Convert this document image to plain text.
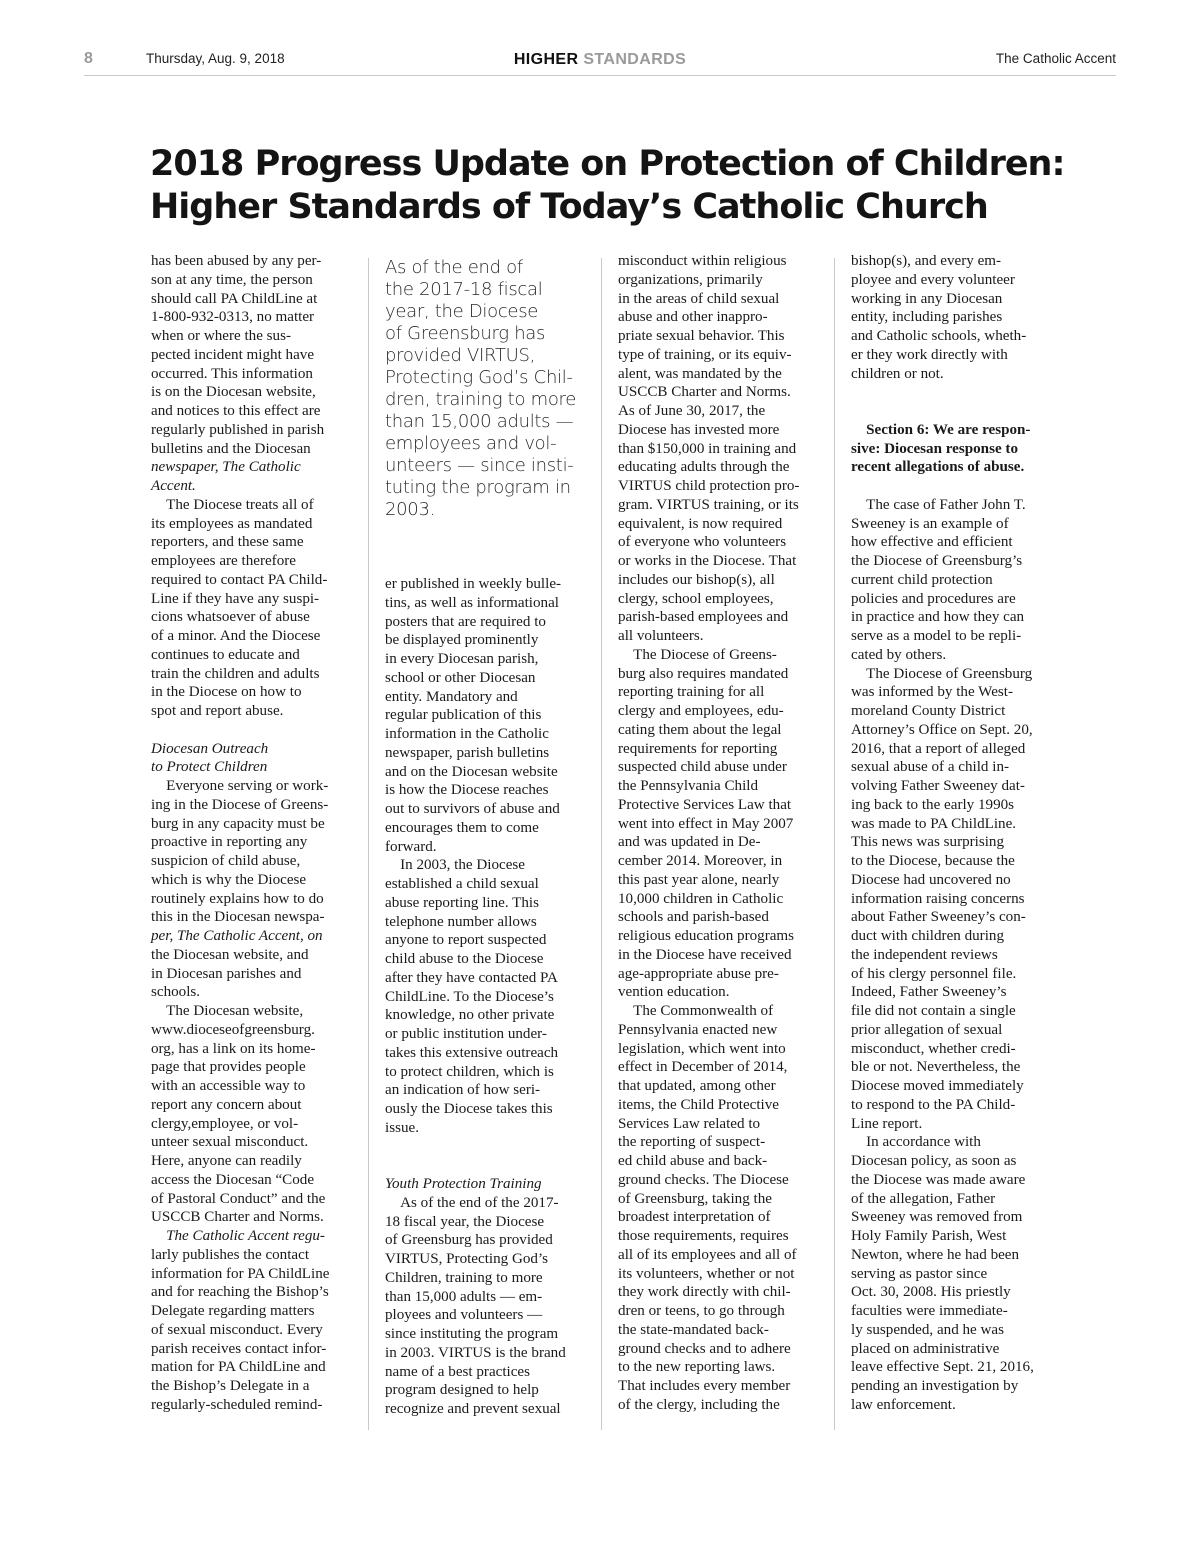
8	Thursday, Aug. 9, 2018	HIGHER STANDARDS	The Catholic Accent
2018 Progress Update on Protection of Children:
Higher Standards of Today’s Catholic Church
has been abused by any per-
son at any time, the person
should call PA ChildLine at
1-800-932-0313, no matter
when or where the sus-
pected incident might have
occurred. This information
is on the Diocesan website,
and notices to this effect are
regularly published in parish
bulletins and the Diocesan
newspaper, The Catholic
Accent.
 The Diocese treats all of
its employees as mandated
reporters, and these same
employees are therefore
required to contact PA Child-
Line if they have any suspi-
cions whatsoever of abuse
of a minor. And the Diocese
continues to educate and
train the children and adults
in the Diocese on how to
spot and report abuse.
Diocesan Outreach
to Protect Children
 Everyone serving or work-
ing in the Diocese of Greens-
burg in any capacity must be
proactive in reporting any
suspicion of child abuse,
which is why the Diocese
routinely explains how to do
this in the Diocesan newspa-
per, The Catholic Accent, on
the Diocesan website, and
in Diocesan parishes and
schools.
 The Diocesan website,
www.dioceseofgreensburg.
org, has a link on its home-
page that provides people
with an accessible way to
report any concern about
clergy,employee, or vol-
unteer sexual misconduct.
Here, anyone can readily
access the Diocesan “Code
of Pastoral Conduct” and the
USCCB Charter and Norms.
 The Catholic Accent regu-
larly publishes the contact
information for PA ChildLine
and for reaching the Bishop’s
Delegate regarding matters
of sexual misconduct. Every
parish receives contact infor-
mation for PA ChildLine and
the Bishop’s Delegate in a
regularly-scheduled remind-
As of the end of
the 2017-18 fiscal
year, the Diocese
of Greensburg has
provided VIRTUS,
Protecting God’s Chil-
dren, training to more
than 15,000 adults —
employees and vol-
unteers — since insti-
tuting the program in
2003.
er published in weekly bulle-
tins, as well as informational
posters that are required to
be displayed prominently
in every Diocesan parish,
school or other Diocesan
entity. Mandatory and
regular publication of this
information in the Catholic
newspaper, parish bulletins
and on the Diocesan website
is how the Diocese reaches
out to survivors of abuse and
encourages them to come
forward.
 In 2003, the Diocese
established a child sexual
abuse reporting line. This
telephone number allows
anyone to report suspected
child abuse to the Diocese
after they have contacted PA
ChildLine. To the Diocese’s
knowledge, no other private
or public institution under-
takes this extensive outreach
to protect children, which is
an indication of how seri-
ously the Diocese takes this
issue.
Youth Protection Training
 As of the end of the 2017-
18 fiscal year, the Diocese
of Greensburg has provided
VIRTUS, Protecting God’s
Children, training to more
than 15,000 adults — em-
ployees and volunteers —
since instituting the program
in 2003. VIRTUS is the brand
name of a best practices
program designed to help
recognize and prevent sexual
misconduct within religious
organizations, primarily
in the areas of child sexual
abuse and other inappro-
priate sexual behavior. This
type of training, or its equiv-
alent, was mandated by the
USCCB Charter and Norms.
As of June 30, 2017, the
Diocese has invested more
than $150,000 in training and
educating adults through the
VIRTUS child protection pro-
gram. VIRTUS training, or its
equivalent, is now required
of everyone who volunteers
or works in the Diocese. That
includes our bishop(s), all
clergy, school employees,
parish-based employees and
all volunteers.
 The Diocese of Greens-
burg also requires mandated
reporting training for all
clergy and employees, edu-
cating them about the legal
requirements for reporting
suspected child abuse under
the Pennsylvania Child
Protective Services Law that
went into effect in May 2007
and was updated in De-
cember 2014. Moreover, in
this past year alone, nearly
10,000 children in Catholic
schools and parish-based
religious education programs
in the Diocese have received
age-appropriate abuse pre-
vention education.
 The Commonwealth of
Pennsylvania enacted new
legislation, which went into
effect in December of 2014,
that updated, among other
items, the Child Protective
Services Law related to
the reporting of suspect-
ed child abuse and back-
ground checks. The Diocese
of Greensburg, taking the
broadest interpretation of
those requirements, requires
all of its employees and all of
its volunteers, whether or not
they work directly with chil-
dren or teens, to go through
the state-mandated back-
ground checks and to adhere
to the new reporting laws.
That includes every member
of the clergy, including the
bishop(s), and every em-
ployee and every volunteer
working in any Diocesan
entity, including parishes
and Catholic schools, wheth-
er they work directly with
children or not.
 Section 6: We are respon-
sive: Diocesan response to
recent allegations of abuse.
 The case of Father John T.
Sweeney is an example of
how effective and efficient
the Diocese of Greensburg’s
current child protection
policies and procedures are
in practice and how they can
serve as a model to be repli-
cated by others.
 The Diocese of Greensburg
was informed by the West-
moreland County District
Attorney’s Office on Sept. 20,
2016, that a report of alleged
sexual abuse of a child in-
volving Father Sweeney dat-
ing back to the early 1990s
was made to PA ChildLine.
This news was surprising
to the Diocese, because the
Diocese had uncovered no
information raising concerns
about Father Sweeney’s con-
duct with children during
the independent reviews
of his clergy personnel file.
Indeed, Father Sweeney’s
file did not contain a single
prior allegation of sexual
misconduct, whether credi-
ble or not. Nevertheless, the
Diocese moved immediately
to respond to the PA Child-
Line report.
 In accordance with
Diocesan policy, as soon as
the Diocese was made aware
of the allegation, Father
Sweeney was removed from
Holy Family Parish, West
Newton, where he had been
serving as pastor since
Oct. 30, 2008. His priestly
faculties were immediate-
ly suspended, and he was
placed on administrative
leave effective Sept. 21, 2016,
pending an investigation by
law enforcement.
